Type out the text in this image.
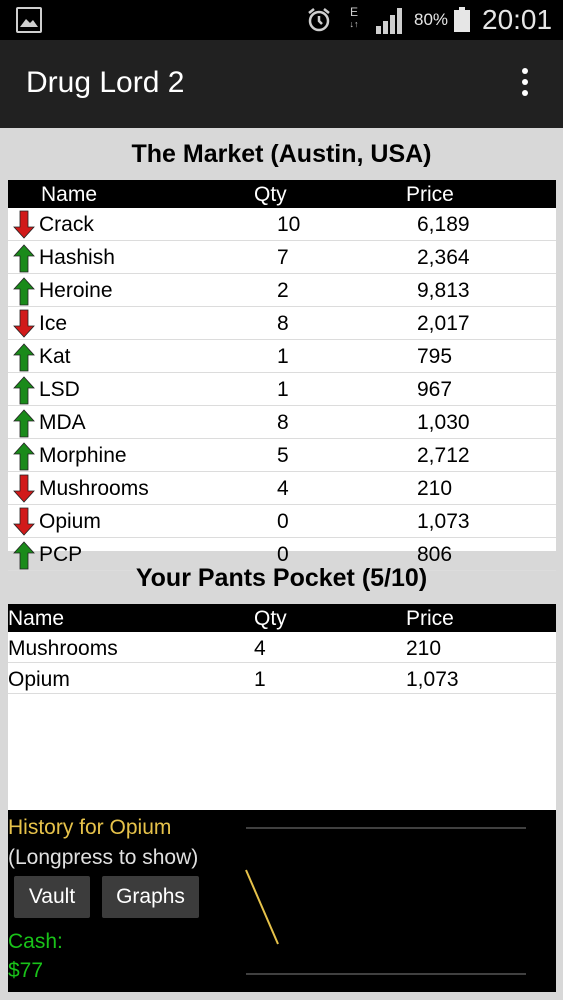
E
↓↑	80% 20:01
Drug Lord 2
The Market (Austin, USA)
Name	Qty	Price
Crack	10	6,189
Hashish	7	2,364
Heroine	2	9,813
Ice	8	2,017
Kat	1	795
LSD	1	967
MDA	8	1,030
Morphine	5	2,712
Mushrooms	4	210
Opium	0	1,073
PCP	0	806
Your Pants Pocket (5/10)
Name	Qty	Price
Mushrooms	4	210
Opium	1	1,073
History for Opium
(Longpress to show)
Vault	Graphs
Cash:
$77
